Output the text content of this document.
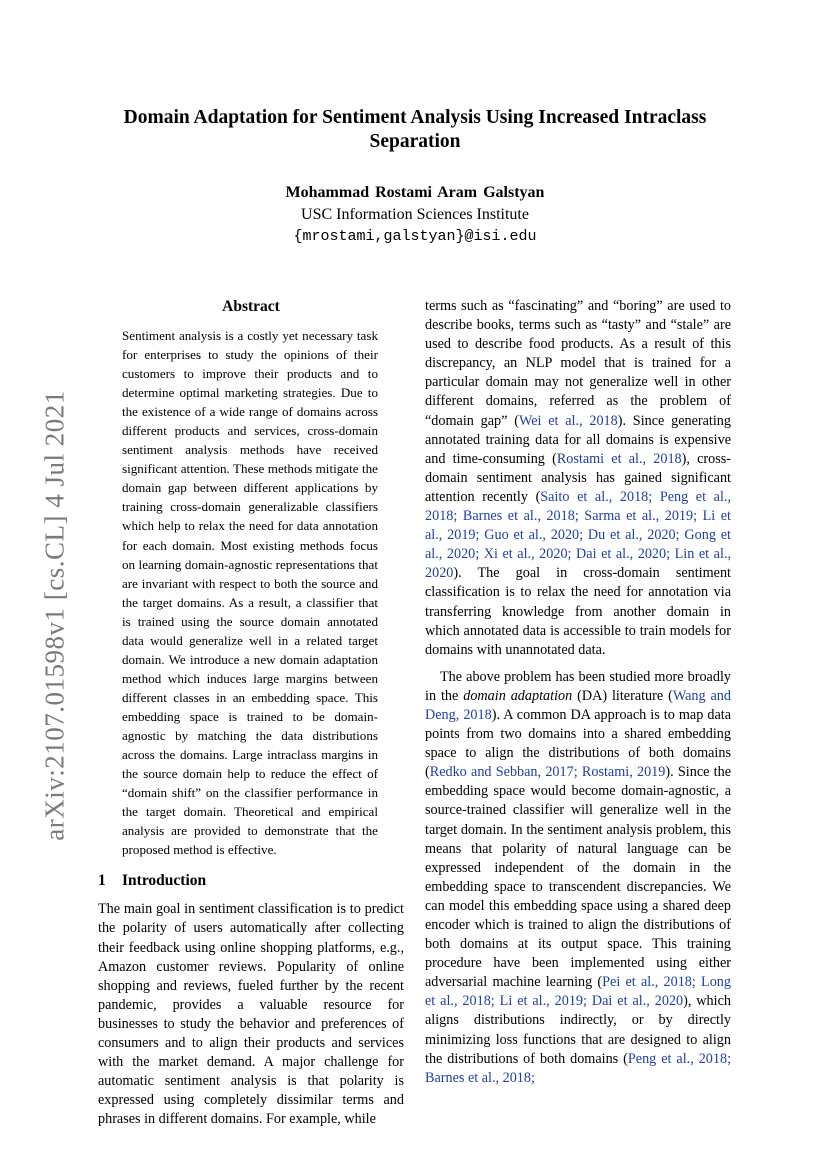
arXiv:2107.01598v1 [cs.CL] 4 Jul 2021
Domain Adaptation for Sentiment Analysis Using Increased Intraclass Separation
Mohammad Rostami Aram Galstyan
USC Information Sciences Institute
{mrostami,galstyan}@isi.edu
Abstract
Sentiment analysis is a costly yet necessary task for enterprises to study the opinions of their customers to improve their products and to determine optimal marketing strategies. Due to the existence of a wide range of domains across different products and services, cross-domain sentiment analysis methods have received significant attention. These methods mitigate the domain gap between different applications by training cross-domain generalizable classifiers which help to relax the need for data annotation for each domain. Most existing methods focus on learning domain-agnostic representations that are invariant with respect to both the source and the target domains. As a result, a classifier that is trained using the source domain annotated data would generalize well in a related target domain. We introduce a new domain adaptation method which induces large margins between different classes in an embedding space. This embedding space is trained to be domain-agnostic by matching the data distributions across the domains. Large intraclass margins in the source domain help to reduce the effect of “domain shift” on the classifier performance in the target domain. Theoretical and empirical analysis are provided to demonstrate that the proposed method is effective.
1 Introduction

The main goal in sentiment classification is to predict the polarity of users automatically after collecting their feedback using online shopping platforms, e.g., Amazon customer reviews. Popularity of online shopping and reviews, fueled further by the recent pandemic, provides a valuable resource for businesses to study the behavior and preferences of consumers and to align their products and services with the market demand. A major challenge for automatic sentiment analysis is that polarity is expressed using completely dissimilar terms and phrases in different domains. For example, while

terms such as “fascinating” and “boring” are used to describe books, terms such as “tasty” and “stale” are used to describe food products. As a result of this discrepancy, an NLP model that is trained for a particular domain may not generalize well in other different domains, referred as the problem of “domain gap” (Wei et al., 2018). Since generating annotated training data for all domains is expensive and time-consuming (Rostami et al., 2018), cross-domain sentiment analysis has gained significant attention recently (Saito et al., 2018; Peng et al., 2018; Barnes et al., 2018; Sarma et al., 2019; Li et al., 2019; Guo et al., 2020; Du et al., 2020; Gong et al., 2020; Xi et al., 2020; Dai et al., 2020; Lin et al., 2020). The goal in cross-domain sentiment classification is to relax the need for annotation via transferring knowledge from another domain in which annotated data is accessible to train models for domains with unannotated data.

The above problem has been studied more broadly in the domain adaptation (DA) literature (Wang and Deng, 2018). A common DA approach is to map data points from two domains into a shared embedding space to align the distributions of both domains (Redko and Sebban, 2017; Rostami, 2019). Since the embedding space would become domain-agnostic, a source-trained classifier will generalize well in the target domain. In the sentiment analysis problem, this means that polarity of natural language can be expressed independent of the domain in the embedding space to transcendent discrepancies. We can model this embedding space using a shared deep encoder which is trained to align the distributions of both domains at its output space. This training procedure have been implemented using either adversarial machine learning (Pei et al., 2018; Long et al., 2018; Li et al., 2019; Dai et al., 2020), which aligns distributions indirectly, or by directly minimizing loss functions that are designed to align the distributions of both domains (Peng et al., 2018; Barnes et al., 2018;
